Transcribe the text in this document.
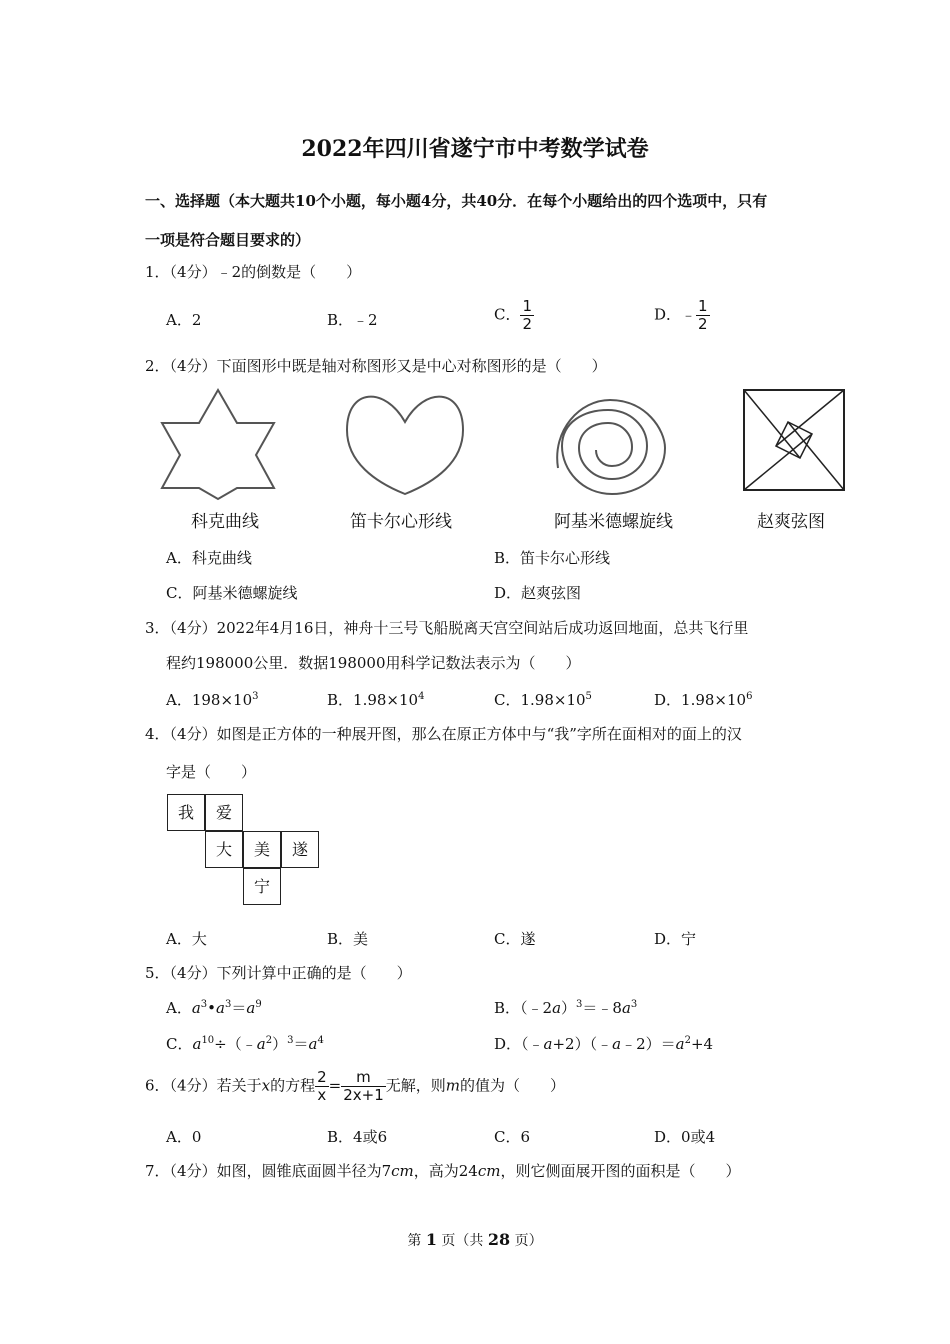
2022年四川省遂宁市中考数学试卷
一、选择题（本大题共10个小题，每小题4分，共40分．在每个小题给出的四个选项中，只有
一项是符合题目要求的）
1．（4分）﹣2的倒数是（　　）
A．2	B．﹣2	C． $\frac{1}{2}$	D．﹣ $\frac{1}{2}$
2．（4分）下面图形中既是轴对称图形又是中心对称图形的是（　　）
科克曲线	笛卡尔心形线	阿基米德螺旋线	赵爽弦图
A．科克曲线	B．笛卡尔心形线
C．阿基米德螺旋线	D．赵爽弦图
3．（4分）2022年4月16日，神舟十三号飞船脱离天宫空间站后成功返回地面，总共飞行里
程约198000公里．数据198000用科学记数法表示为（　　）
A．$198\times 10^3$	B．$1.98\times 10^4$	C．$1.98\times 10^5$	D．$1.98\times 10^6$
4．（4分）如图是正方体的一种展开图，那么在原正方体中与“我”字所在面相对的面上的汉
字是（　　）
我	爱
大	美	遂
宁
A．大	B．美	C．遂	D．宁
5．（4分）下列计算中正确的是（　　）
A．$a^3•a^3=a^9$	B．$(﹣2a)^3=﹣8a^3$
C．$a^{10}\div(﹣a^2)^3=a^4$	D．$(﹣a+2)(﹣a﹣2)=a^2+4$
6．（4分）若关于x的方程 $\frac{2}{x} = \frac{m}{2x+1}$ 无解，则m的值为（　　）
A．0	B．4或6	C．6	D．0或4
7．（4分）如图，圆锥底面圆半径为7cm，高为24cm，则它侧面展开图的面积是（　　）
第 1 页（共 28 页）
